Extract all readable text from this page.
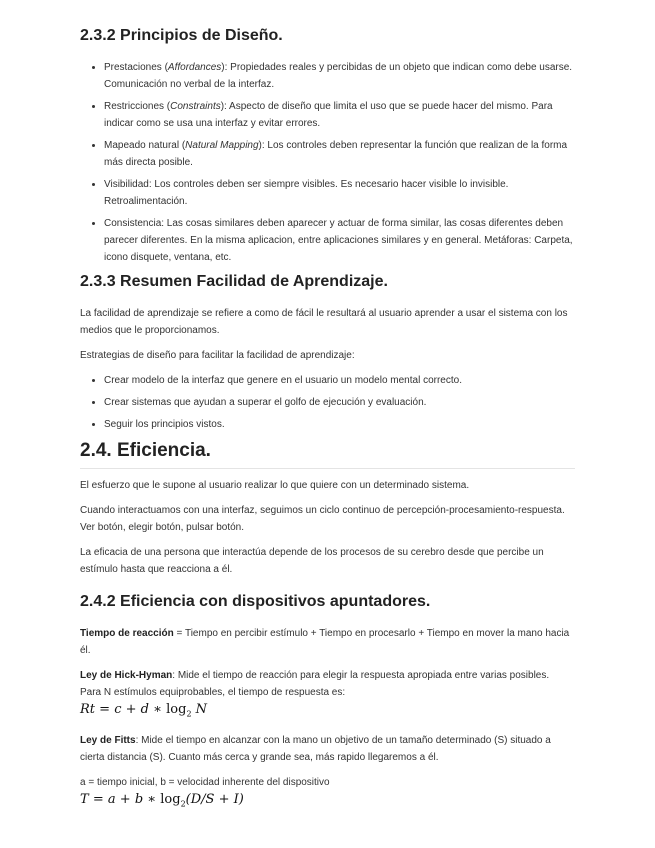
2.3.2 Principios de Diseño.
• Prestaciones (Affordances): Propiedades reales y percibidas de un objeto que indican como debe usarse. Comunicación no verbal de la interfaz.
• Restricciones (Constraints): Aspecto de diseño que limita el uso que se puede hacer del mismo. Para indicar como se usa una interfaz y evitar errores.
• Mapeado natural (Natural Mapping): Los controles deben representar la función que realizan de la forma más directa posible.
• Visibilidad: Los controles deben ser siempre visibles. Es necesario hacer visible lo invisible. Retroalimentación.
• Consistencia: Las cosas similares deben aparecer y actuar de forma similar, las cosas diferentes deben parecer diferentes. En la misma aplicacion, entre aplicaciones similares y en general. Metáforas: Carpeta, icono disquete, ventana, etc.
2.3.3 Resumen Facilidad de Aprendizaje.

La facilidad de aprendizaje se refiere a como de fácil le resultará al usuario aprender a usar el sistema con los medios que le proporcionamos.

Estrategias de diseño para facilitar la facilidad de aprendizaje:

• Crear modelo de la interfaz que genere en el usuario un modelo mental correcto.
• Crear sistemas que ayudan a superar el golfo de ejecución y evaluación.
• Seguir los principios vistos.
2.4. Eficiencia.

El esfuerzo que le supone al usuario realizar lo que quiere con un determinado sistema.

Cuando interactuamos con una interfaz, seguimos un ciclo continuo de percepción-procesamiento-respuesta. Ver botón, elegir botón, pulsar botón.

La eficacia de una persona que interactúa depende de los procesos de su cerebro desde que percibe un estímulo hasta que reacciona a él.

2.4.2 Eficiencia con dispositivos apuntadores.

Tiempo de reacción = Tiempo en percibir estímulo + Tiempo en procesarlo + Tiempo en mover la mano hacia él.

Ley de Hick-Hyman: Mide el tiempo de reacción para elegir la respuesta apropiada entre varias posibles.

Para N estímulos equiprobables, el tiempo de respuesta es:

Rt = c + d ∗ $\log_2 N$

Ley de Fitts: Mide el tiempo en alcanzar con la mano un objetivo de un tamaño determinado (S) situado a cierta distancia (S). Cuanto más cerca y grande sea, más rapido llegaremos a él.

a = tiempo inicial, b = velocidad inherente del dispositivo

T = a + b ∗ $\log_2(D/S + I)$
